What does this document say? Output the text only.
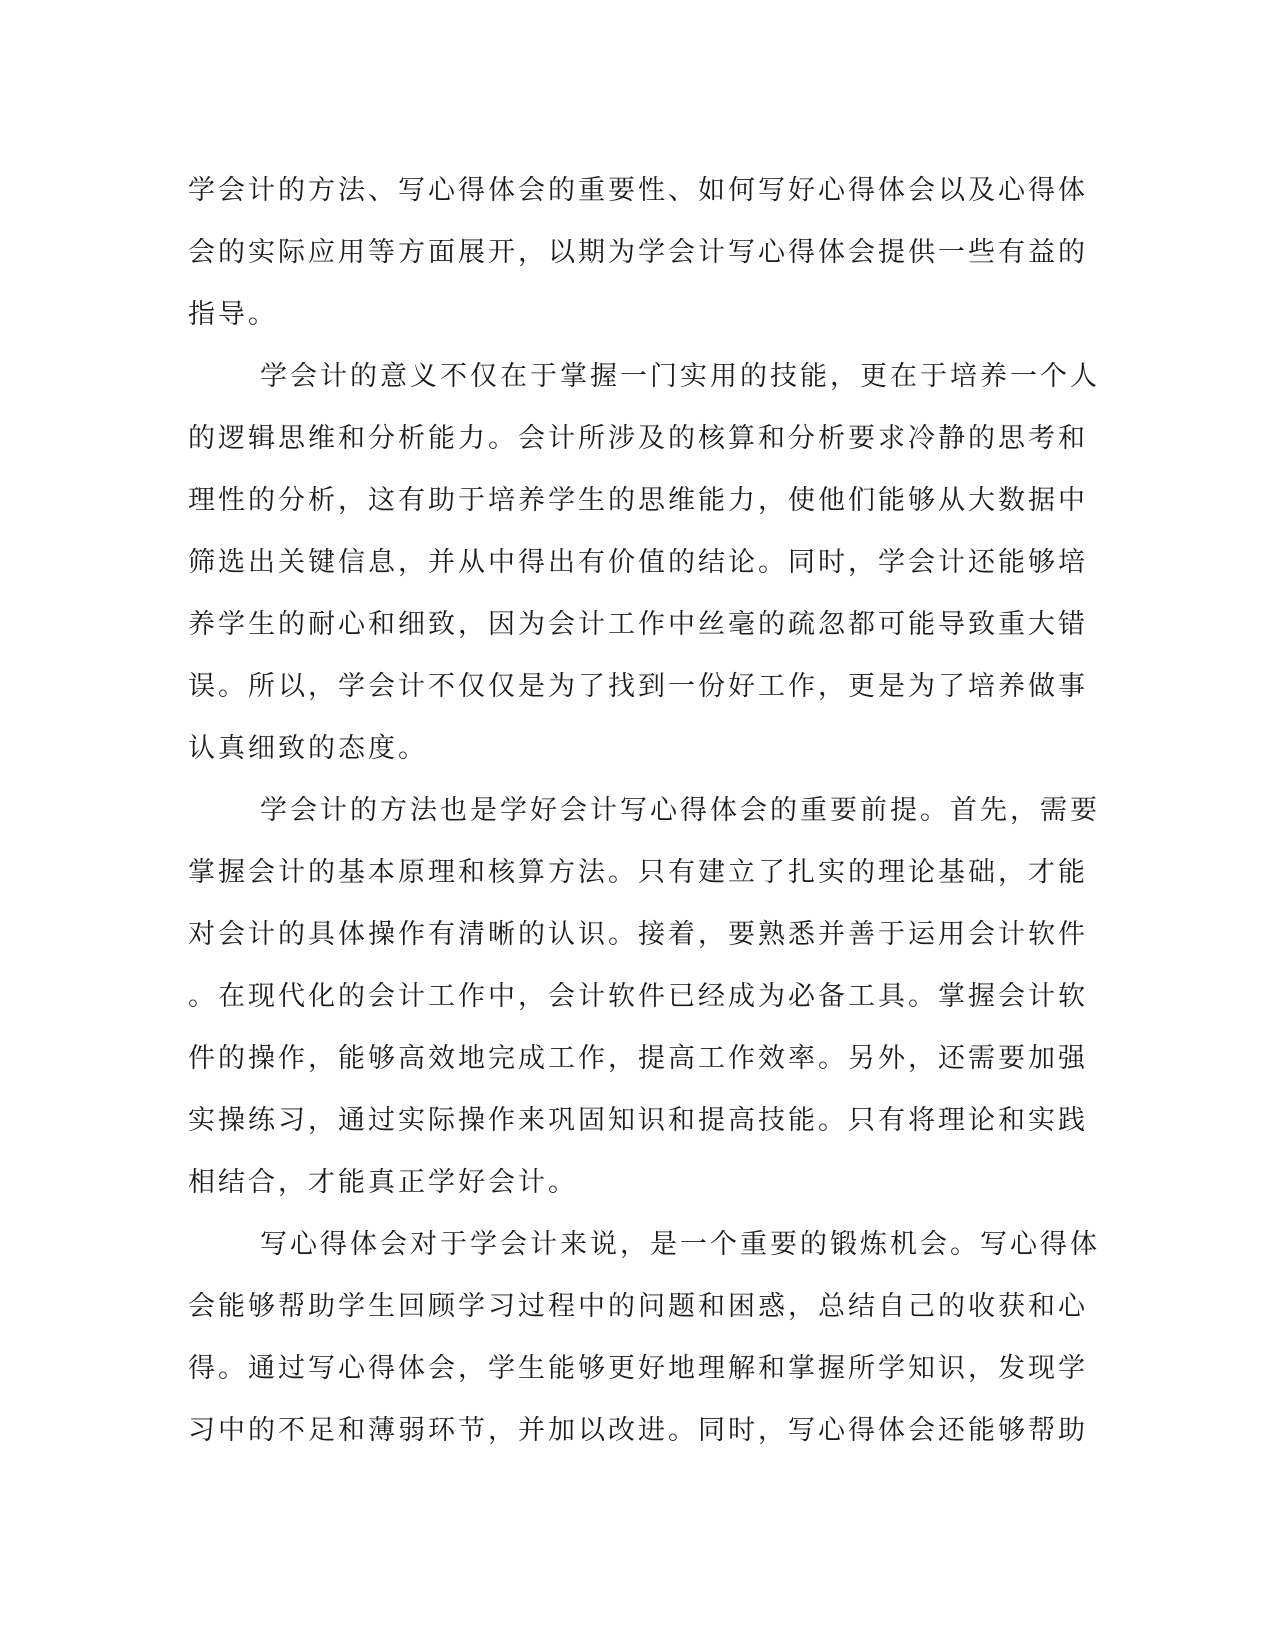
学会计的方法、写心得体会的重要性、如何写好心得体会以及心得体
会的实际应用等方面展开，以期为学会计写心得体会提供一些有益的
指导。
学会计的意义不仅在于掌握一门实用的技能，更在于培养一个人
的逻辑思维和分析能力。会计所涉及的核算和分析要求冷静的思考和
理性的分析，这有助于培养学生的思维能力，使他们能够从大数据中
筛选出关键信息，并从中得出有价值的结论。同时，学会计还能够培
养学生的耐心和细致，因为会计工作中丝毫的疏忽都可能导致重大错
误。所以，学会计不仅仅是为了找到一份好工作，更是为了培养做事
认真细致的态度。
学会计的方法也是学好会计写心得体会的重要前提。首先，需要
掌握会计的基本原理和核算方法。只有建立了扎实的理论基础，才能
对会计的具体操作有清晰的认识。接着，要熟悉并善于运用会计软件
。在现代化的会计工作中，会计软件已经成为必备工具。掌握会计软
件的操作，能够高效地完成工作，提高工作效率。另外，还需要加强
实操练习，通过实际操作来巩固知识和提高技能。只有将理论和实践
相结合，才能真正学好会计。
写心得体会对于学会计来说，是一个重要的锻炼机会。写心得体
会能够帮助学生回顾学习过程中的问题和困惑，总结自己的收获和心
得。通过写心得体会，学生能够更好地理解和掌握所学知识，发现学
习中的不足和薄弱环节，并加以改进。同时，写心得体会还能够帮助
